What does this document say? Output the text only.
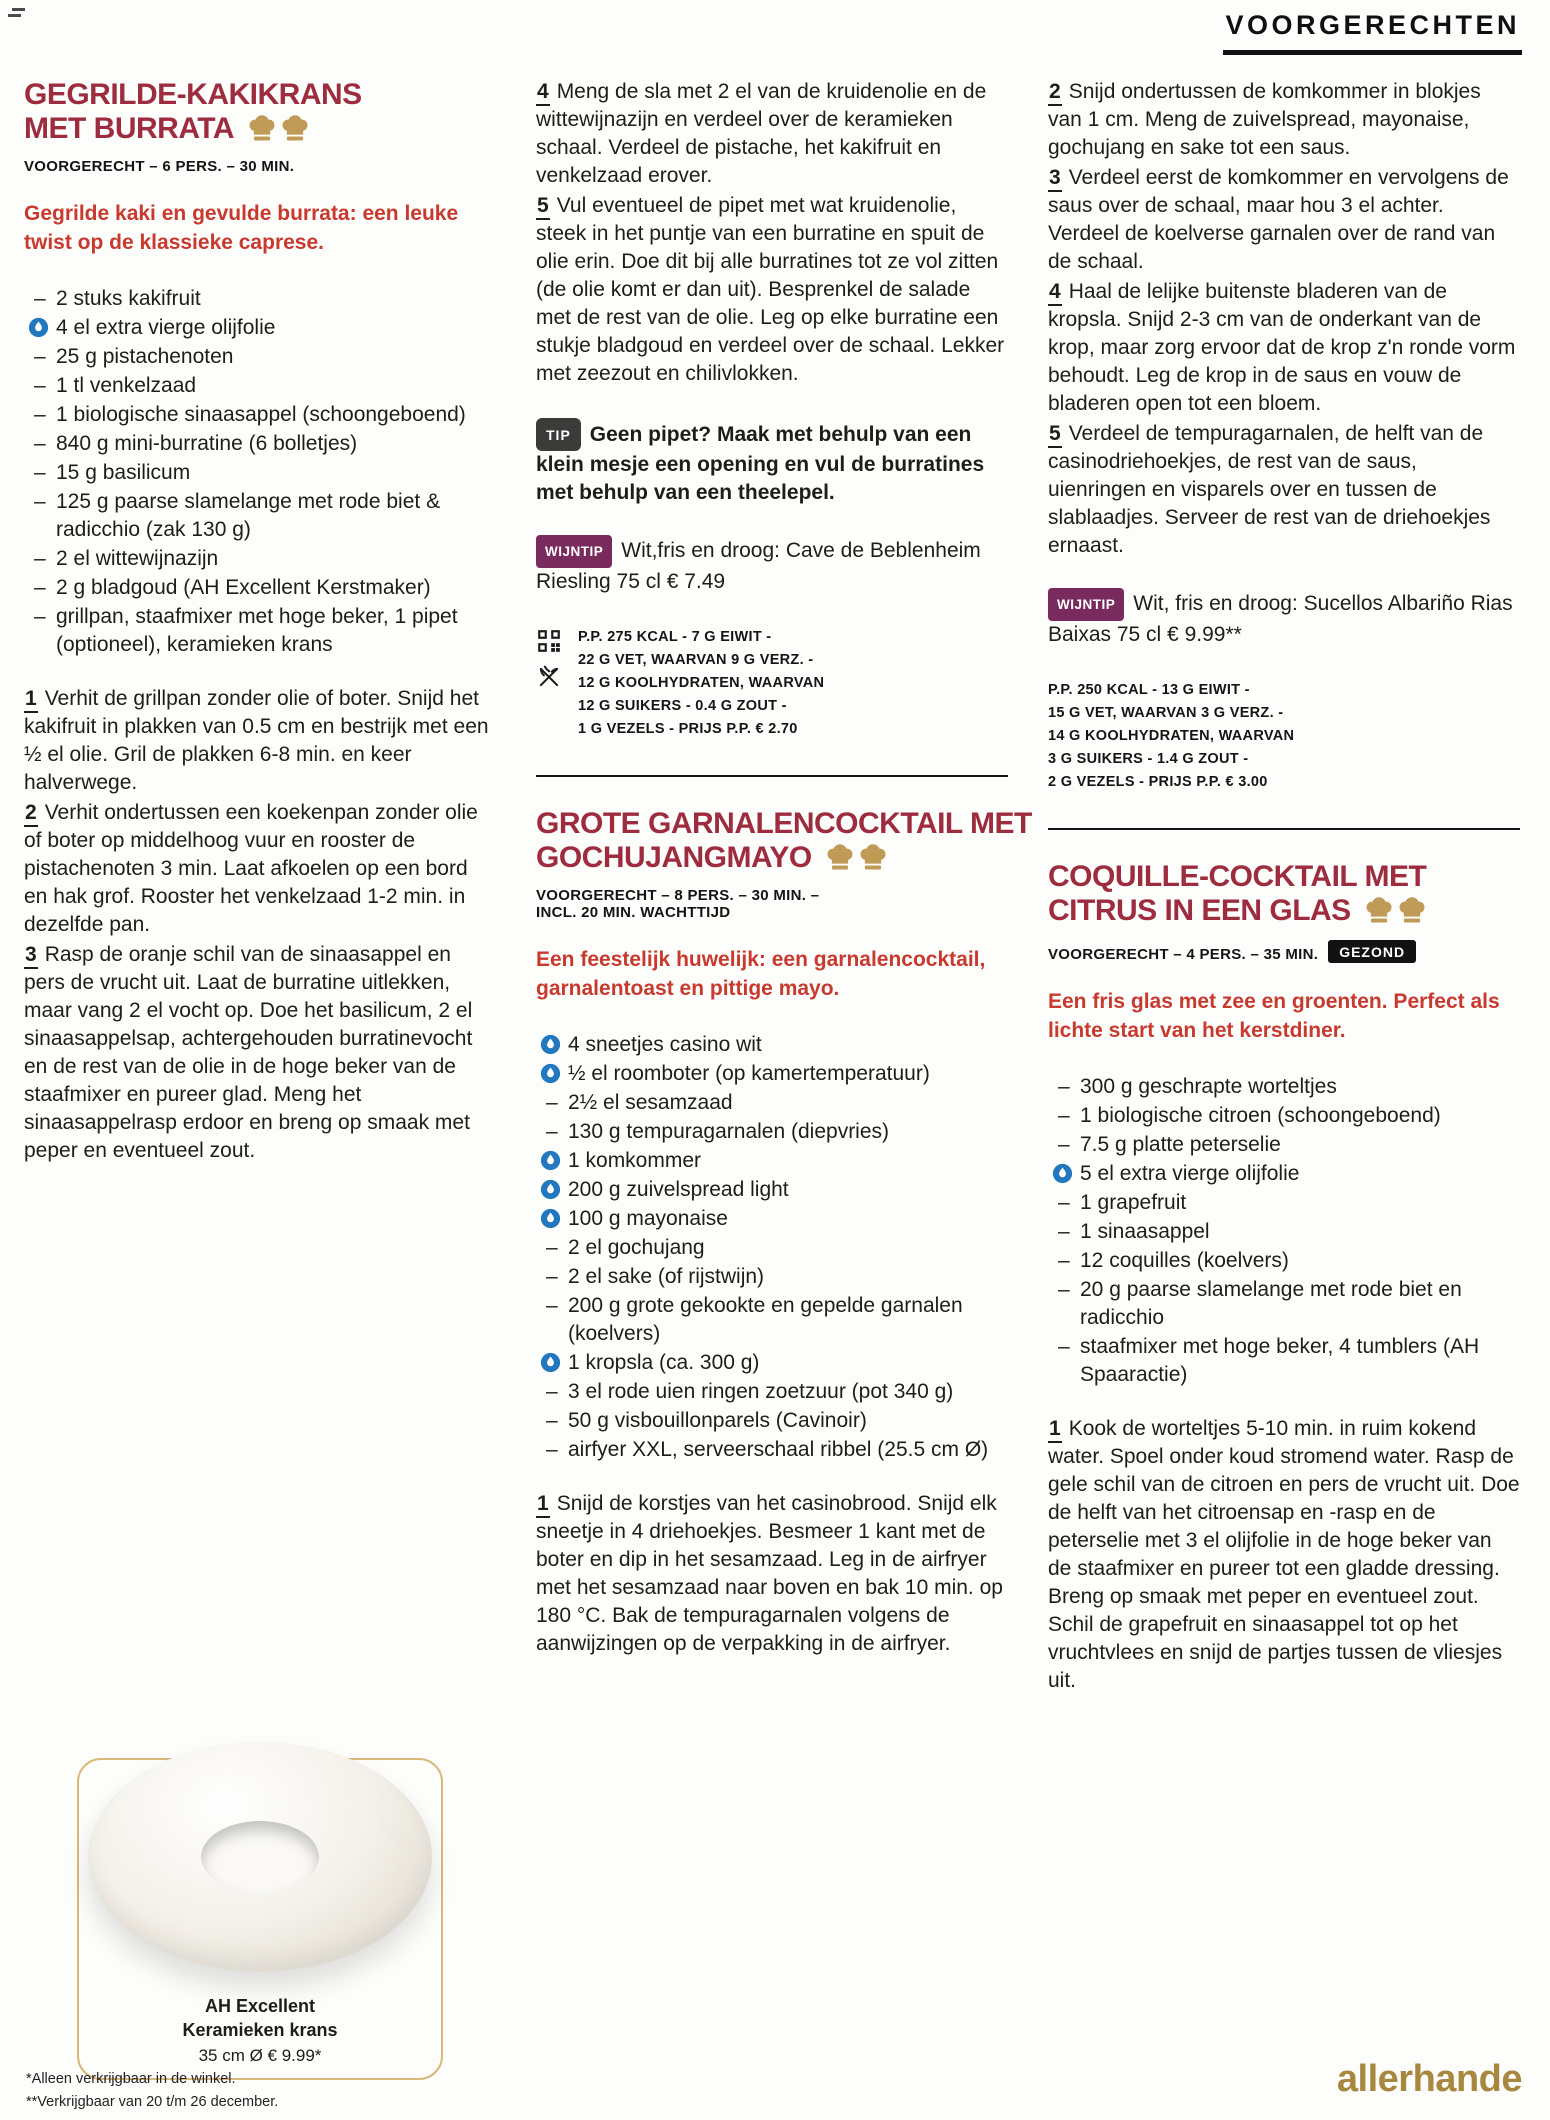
VOORGERECHTEN
GEGRILDE-KAKIKRANS
MET BURRATA
VOORGERECHT – 6 PERS. – 30 MIN.

Gegrilde kaki en gevulde burrata: een leuke twist op de klassieke caprese.

– 2 stuks kakifruit
4 el extra vierge olijfolie
– 25 g pistachenoten
– 1 tl venkelzaad
– 1 biologische sinaasappel (schoongeboend)
– 840 g mini-burratine (6 bolletjes)
– 15 g basilicum
– 125 g paarse slamelange met rode biet & radicchio (zak 130 g)
– 2 el wittewijnazijn
– 2 g bladgoud (AH Excellent Kerstmaker)
– grillpan, staafmixer met hoge beker, 1 pipet (optioneel), keramieken krans

1 Verhit de grillpan zonder olie of boter. Snijd het kakifruit in plakken van 0.5 cm en bestrijk met een ½ el olie. Gril de plakken 6-8 min. en keer halverwege.

2 Verhit ondertussen een koekenpan zonder olie of boter op middelhoog vuur en rooster de pistachenoten 3 min. Laat afkoelen op een bord en hak grof. Rooster het venkelzaad 1-2 min. in dezelfde pan.

3 Rasp de oranje schil van de sinaasappel en pers de vrucht uit. Laat de burratine uitlekken, maar vang 2 el vocht op. Doe het basilicum, 2 el sinaasappelsap, achtergehouden burratinevocht en de rest van de olie in de hoge beker van de staafmixer en pureer glad. Meng het sinaasappelrasp erdoor en breng op smaak met peper en eventueel zout.

4 Meng de sla met 2 el van de kruidenolie en de wittewijnazijn en verdeel over de keramieken schaal. Verdeel de pistache, het kakifruit en venkelzaad erover.

5 Vul eventueel de pipet met wat kruidenolie, steek in het puntje van een burratine en spuit de olie erin. Doe dit bij alle burratines tot ze vol zitten (de olie komt er dan uit). Besprenkel de salade met de rest van de olie. Leg op elke burratine een stukje bladgoud en verdeel over de schaal. Lekker met zeezout en chilivlokken.

TIP Geen pipet? Maak met behulp van een klein mesje een opening en vul de burratines met behulp van een theelepel.

WIJNTIP Wit,fris en droog: Cave de Beblenheim Riesling 75 cl € 7.49

P.P. 275 KCAL - 7 G EIWIT -
22 G VET, WAARVAN 9 G VERZ. -
12 G KOOLHYDRATEN, WAARVAN
12 G SUIKERS - 0.4 G ZOUT -
1 G VEZELS - PRIJS P.P. € 2.70
GROTE GARNALENCOCKTAIL MET
GOCHUJANGMAYO
VOORGERECHT – 8 PERS. – 30 MIN. –
INCL. 20 MIN. WACHTTIJD

Een feestelijk huwelijk: een garnalencocktail, garnalentoast en pittige mayo.

4 sneetjes casino wit
½ el roomboter (op kamertemperatuur)
– 2½ el sesamzaad
– 130 g tempuragarnalen (diepvries)
1 komkommer
200 g zuivelspread light
100 g mayonaise
– 2 el gochujang
– 2 el sake (of rijstwijn)
– 200 g grote gekookte en gepelde garnalen (koelvers)
1 kropsla (ca. 300 g)
– 3 el rode uien ringen zoetzuur (pot 340 g)
– 50 g visbouillonparels (Cavinoir)
– airfyer XXL, serveerschaal ribbel (25.5 cm Ø)

1 Snijd de korstjes van het casinobrood. Snijd elk sneetje in 4 driehoekjes. Besmeer 1 kant met de boter en dip in het sesamzaad. Leg in de airfryer met het sesamzaad naar boven en bak 10 min. op 180 °C. Bak de tempuragarnalen volgens de aanwijzingen op de verpakking in de airfryer.

2 Snijd ondertussen de komkommer in blokjes van 1 cm. Meng de zuivelspread, mayonaise, gochujang en sake tot een saus.

3 Verdeel eerst de komkommer en vervolgens de saus over de schaal, maar hou 3 el achter. Verdeel de koelverse garnalen over de rand van de schaal.

4 Haal de lelijke buitenste bladeren van de kropsla. Snijd 2-3 cm van de onderkant van de krop, maar zorg ervoor dat de krop z'n ronde vorm behoudt. Leg de krop in de saus en vouw de bladeren open tot een bloem.

5 Verdeel de tempuragarnalen, de helft van de casinodriehoekjes, de rest van de saus, uienringen en visparels over en tussen de slablaadjes. Serveer de rest van de driehoekjes ernaast.

WIJNTIP Wit, fris en droog: Sucellos Albariño Rias Baixas 75 cl € 9.99**

P.P. 250 KCAL - 13 G EIWIT -
15 G VET, WAARVAN 3 G VERZ. -
14 G KOOLHYDRATEN, WAARVAN
3 G SUIKERS - 1.4 G ZOUT -
2 G VEZELS - PRIJS P.P. € 3.00
COQUILLE-COCKTAIL MET
CITRUS IN EEN GLAS
VOORGERECHT – 4 PERS. – 35 MIN. GEZOND

Een fris glas met zee en groenten. Perfect als lichte start van het kerstdiner.

– 300 g geschrapte worteltjes
– 1 biologische citroen (schoongeboend)
– 7.5 g platte peterselie
5 el extra vierge olijfolie
– 1 grapefruit
– 1 sinaasappel
– 12 coquilles (koelvers)
– 20 g paarse slamelange met rode biet en radicchio
– staafmixer met hoge beker, 4 tumblers (AH Spaaractie)

1 Kook de worteltjes 5-10 min. in ruim kokend water. Spoel onder koud stromend water. Rasp de gele schil van de citroen en pers de vrucht uit. Doe de helft van het citroensap en -rasp en de peterselie met 3 el olijfolie in de hoge beker van de staafmixer en pureer tot een gladde dressing. Breng op smaak met peper en eventueel zout. Schil de grapefruit en sinaasappel tot op het vruchtvlees en snijd de partjes tussen de vliesjes uit.

AH Excellent
Keramieken krans
35 cm Ø € 9.99*
*Alleen verkrijgbaar in de winkel.
**Verkrijgbaar van 20 t/m 26 december.
allerhande
